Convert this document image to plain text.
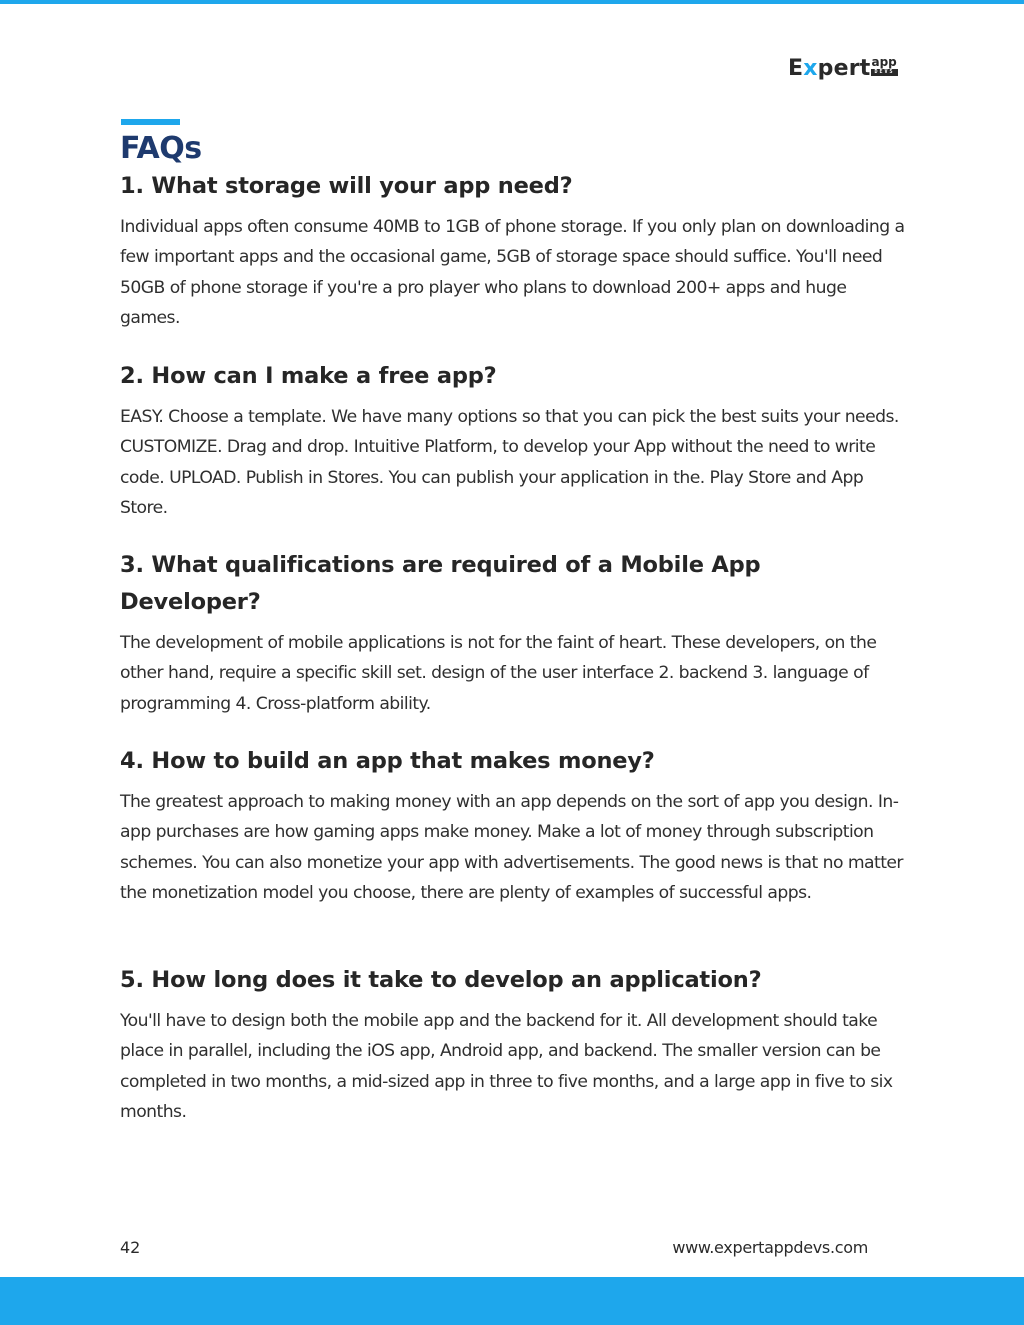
Expert app
DEVS
FAQs
1. What storage will your app need?

Individual apps often consume 40MB to 1GB of phone storage. If you only plan on downloading a few important apps and the occasional game, 5GB of storage space should suffice. You'll need 50GB of phone storage if you're a pro player who plans to download 200+ apps and huge games.

2. How can I make a free app?

EASY. Choose a template. We have many options so that you can pick the best suits your needs. CUSTOMIZE. Drag and drop. Intuitive Platform, to develop your App without the need to write code. UPLOAD. Publish in Stores. You can publish your application in the. Play Store and App Store.

3. What qualifications are required of a Mobile App Developer?

The development of mobile applications is not for the faint of heart. These developers, on the other hand, require a specific skill set. design of the user interface 2. backend 3. language of programming 4. Cross-platform ability.

4. How to build an app that makes money?

The greatest approach to making money with an app depends on the sort of app you design. In-app purchases are how gaming apps make money. Make a lot of money through subscription schemes. You can also monetize your app with advertisements. The good news is that no matter the monetization model you choose, there are plenty of examples of successful apps.

5. How long does it take to develop an application?

You'll have to design both the mobile app and the backend for it. All development should take place in parallel, including the iOS app, Android app, and backend. The smaller version can be completed in two months, a mid-sized app in three to five months, and a large app in five to six months.

42	www.expertappdevs.com
